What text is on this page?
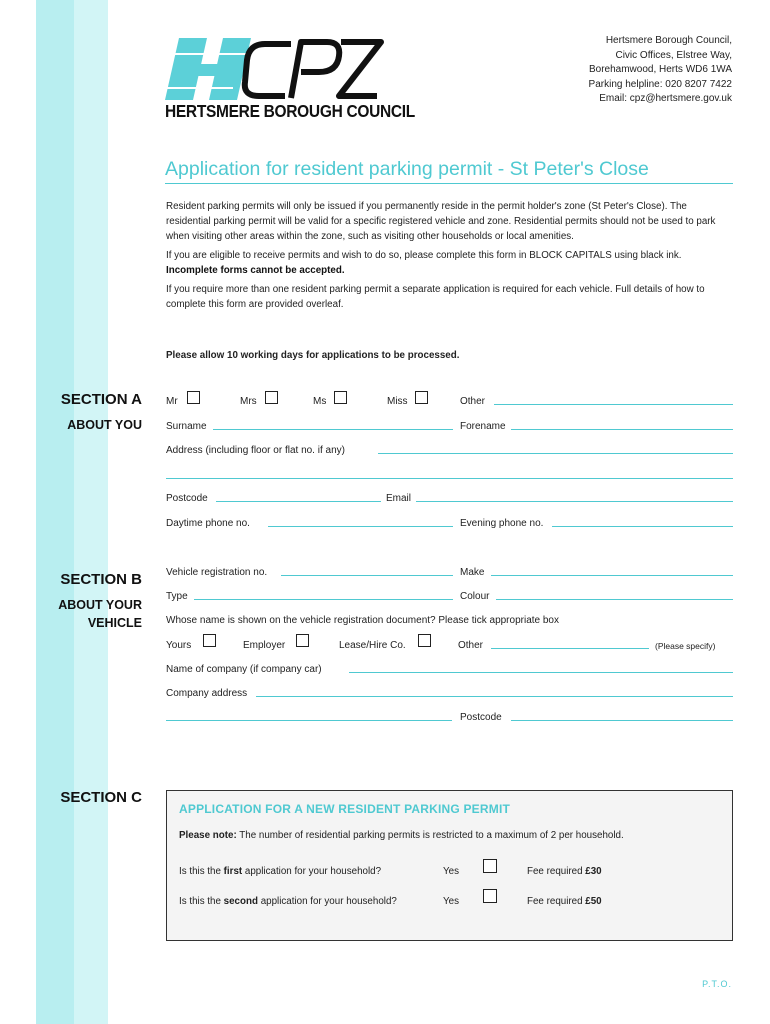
HERTSMERE BOROUGH COUNCIL
Hertsmere Borough Council,
Civic Offices, Elstree Way,
Borehamwood, Herts WD6 1WA
Parking helpline: 020 8207 7422
Email: cpz@hertsmere.gov.uk
Application for resident parking permit - St Peter's Close
Resident parking permits will only be issued if you permanently reside in the permit holder's zone (St Peter's Close). The residential parking permit will be valid for a specific registered vehicle and zone. Residential permits should not be used to park when visiting other areas within the zone, such as visiting other households or local amenities.
If you are eligible to receive permits and wish to do so, please complete this form in BLOCK CAPITALS using black ink.
Incomplete forms cannot be accepted.
If you require more than one resident parking permit a separate application is required for each vehicle. Full details of how to complete this form are provided overleaf.
Please allow 10 working days for applications to be processed.
SECTION A
ABOUT YOU
Mr	Mrs	Ms	Miss	Other
Surname	Forename
Address (including floor or flat no. if any)
Postcode	Email
Daytime phone no.	Evening phone no.
SECTION B
ABOUT YOUR
VEHICLE
Vehicle registration no.	Make
Type	Colour
Whose name is shown on the vehicle registration document? Please tick appropriate box
Yours	Employer	Lease/Hire Co.	Other	(Please specify)
Name of company (if company car)
Company address
Postcode
SECTION C
APPLICATION FOR A NEW RESIDENT PARKING PERMIT
Please note: The number of residential parking permits is restricted to a maximum of 2 per household.
Is this the first application for your household?	Yes	Fee required £30
Is this the second application for your household?	Yes	Fee required £50
P.T.O.
